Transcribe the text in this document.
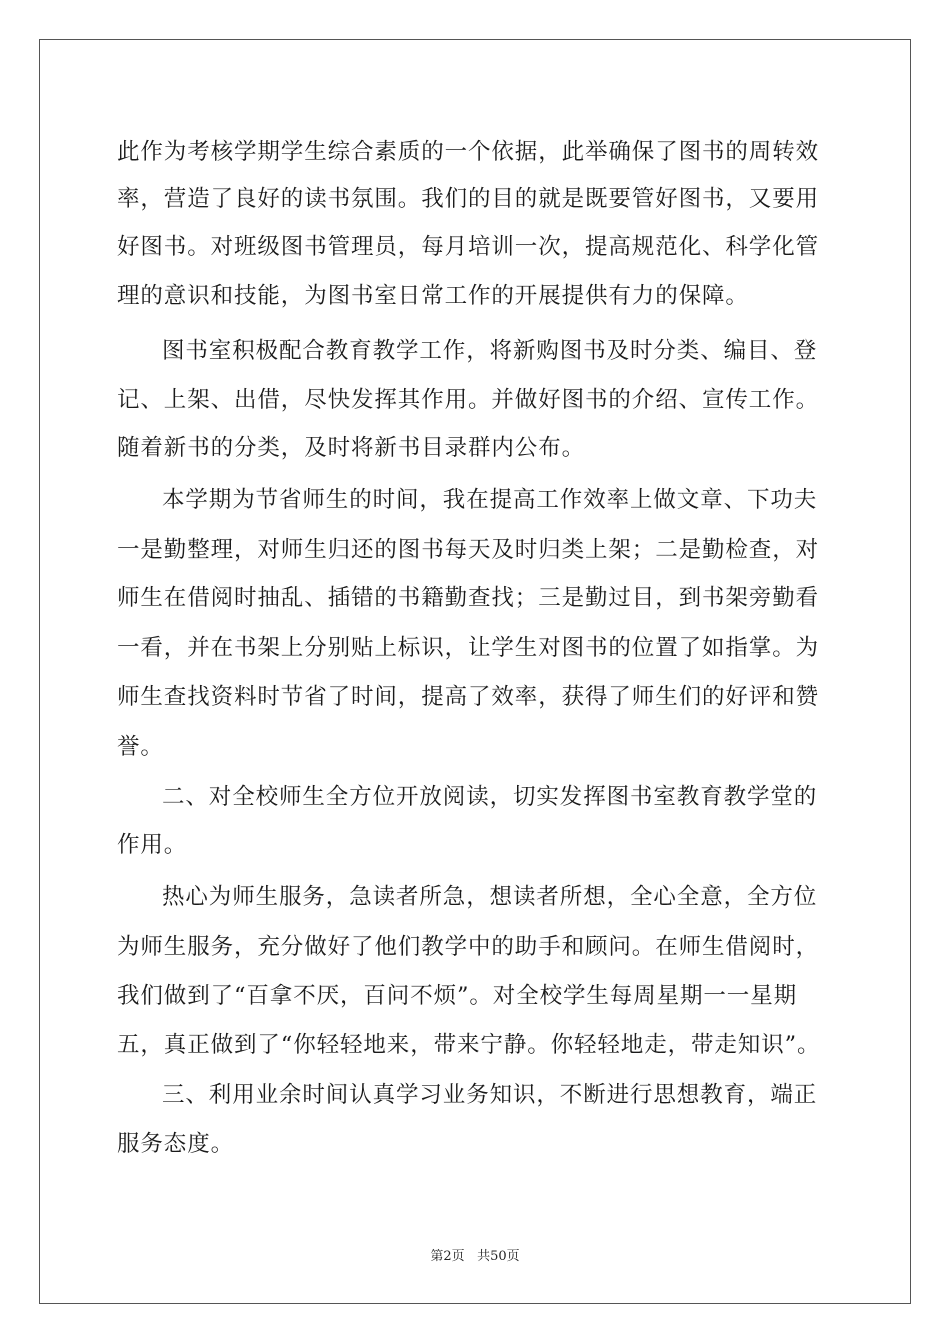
此作为考核学期学生综合素质的一个依据，此举确保了图书的周转效
率，营造了良好的读书氛围。我们的目的就是既要管好图书，又要用
好图书。对班级图书管理员，每月培训一次，提高规范化、科学化管
理的意识和技能，为图书室日常工作的开展提供有力的保障。
图书室积极配合教育教学工作，将新购图书及时分类、编目、登
记、上架、出借，尽快发挥其作用。并做好图书的介绍、宣传工作。
随着新书的分类，及时将新书目录群内公布。
本学期为节省师生的时间，我在提高工作效率上做文章、下功夫
一是勤整理，对师生归还的图书每天及时归类上架；二是勤检查，对
师生在借阅时抽乱、插错的书籍勤查找；三是勤过目，到书架旁勤看
一看，并在书架上分别贴上标识，让学生对图书的位置了如指掌。为
师生查找资料时节省了时间，提高了效率，获得了师生们的好评和赞
誉。
二、对全校师生全方位开放阅读，切实发挥图书室教育教学堂的
作用。
热心为师生服务，急读者所急，想读者所想，全心全意，全方位
为师生服务，充分做好了他们教学中的助手和顾问。在师生借阅时，
我们做到了“百拿不厌，百问不烦”。对全校学生每周星期一一星期
五，真正做到了“你轻轻地来，带来宁静。你轻轻地走，带走知识”。
三、利用业余时间认真学习业务知识，不断进行思想教育，端正
服务态度。
第2页 共50页
